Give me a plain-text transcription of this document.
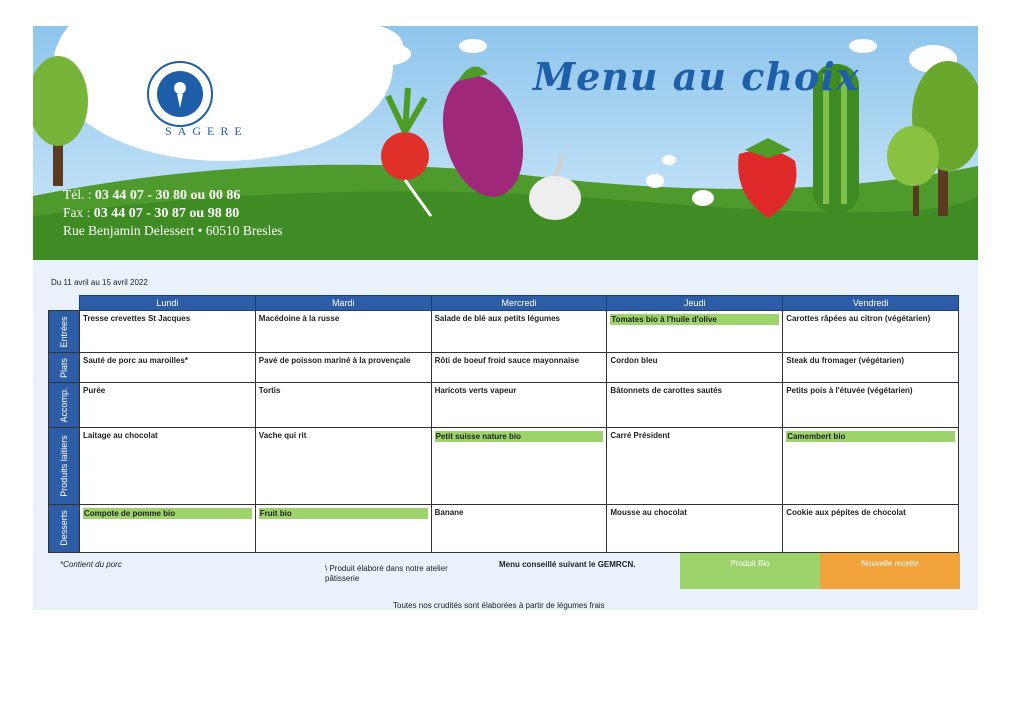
Menu au choix
SAGERE
Tél. : 03 44 07 - 30 80 ou 00 86
Fax : 03 44 07 - 30 87 ou 98 80
Rue Benjamin Delessert • 60510 Bresles
Du 11 avril au 15 avril 2022
	Lundi	Mardi	Mercredi	Jeudi	Vendredi

Entrées	Tresse crevettes St Jacques	Macédoine à la russe	Salade de blé aux petits légumes	Tomates bio à l'huile d'olive	Carottes râpées au citron (végétarien)

Plats	Sauté de porc au maroilles*	Pavé de poisson mariné à la provençale	Rôti de boeuf froid sauce mayonnaise	Cordon bleu	Steak du fromager (végétarien)

Accomp.	Purée	Tortis	Haricots verts vapeur	Bâtonnets de carottes sautés	Petits pois à l'étuvée (végétarien)

Produits laitiers	Laitage au chocolat	Vache qui rit	Petit suisse nature bio	Carré Président	Camembert bio

Desserts	Compote de pomme bio	Fruit bio	Banane	Mousse au chocolat	Cookie aux pépites de chocolat
*Contient du porc	\ Produit élaboré dans notre atelier pâtisserie
Menu conseillé suivant le GEMRCN.	Produit Bio	Nouvelle recette
Toutes nos crudités sont élaborées à partir de légumes frais
